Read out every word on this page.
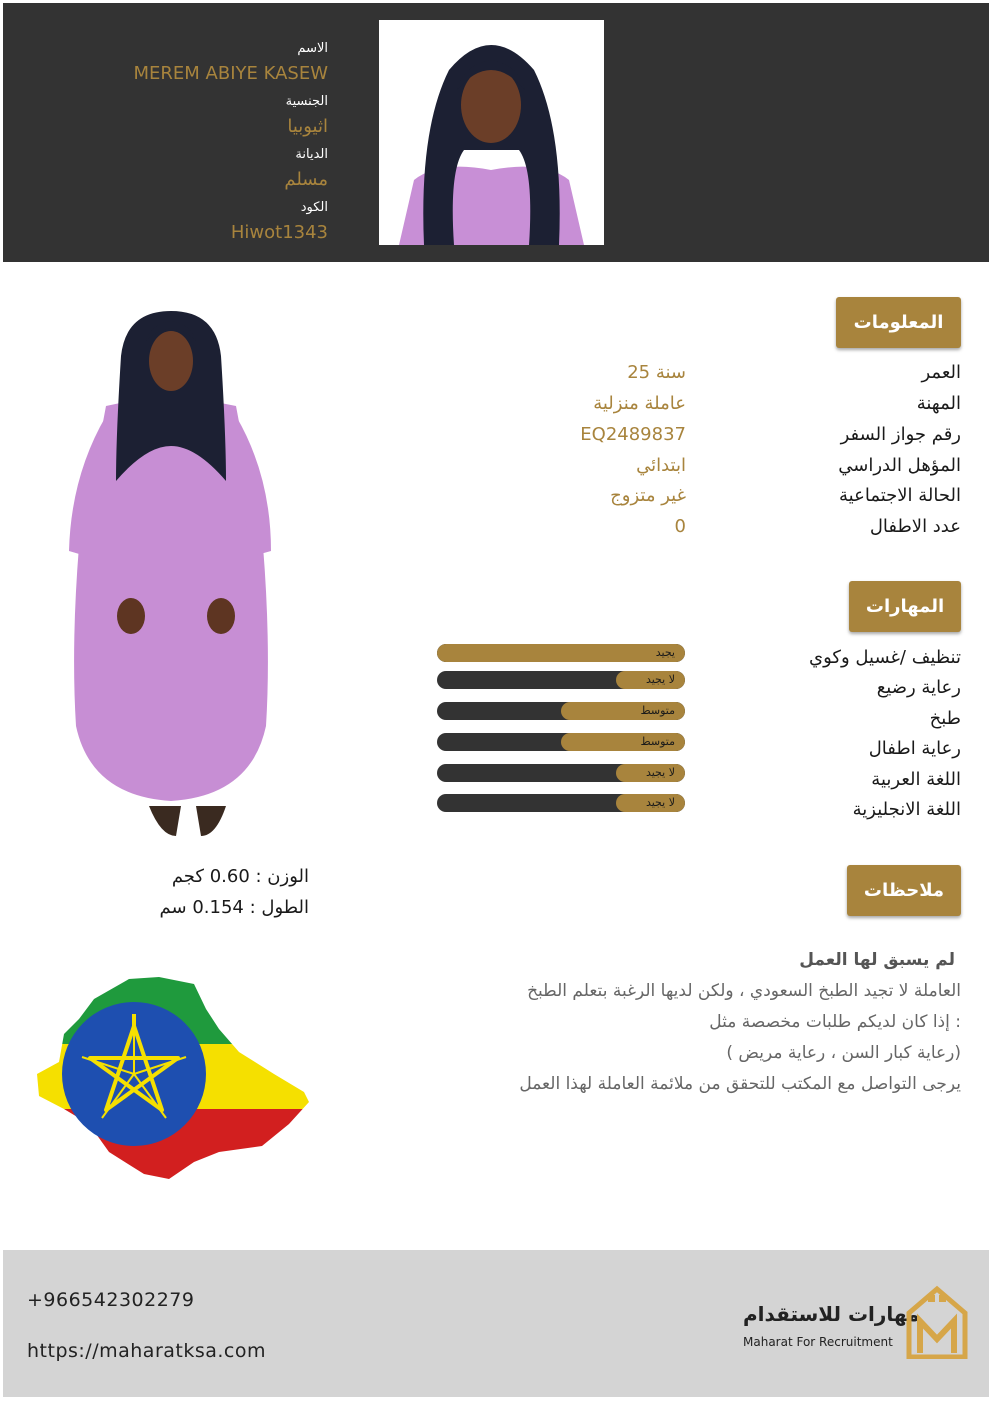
الاسم
MEREM ABIYE KASEW
الجنسية
اثيوبيا
الديانة
مسلم
الكود
Hiwot1343
المعلومات
العمر
25 سنة
المهنة
عاملة منزلية
رقم جواز السفر
EQ2489837
المؤهل الدراسي
ابتدائي
الحالة الاجتماعية
غير متزوج
عدد الاطفال
0
المهارات
تنظيف /غسيل وكوي
يجيد
رعاية رضيع
لا يجيد
طبخ
متوسط
رعاية اطفال
متوسط
اللغة العربية
لا يجيد
اللغة الانجليزية
لا يجيد
ملاحظات
لم يسبق لها العمل
العاملة لا تجيد الطبخ السعودي ، ولكن لديها الرغبة بتعلم الطبخ
إذا كان لديكم طلبات مخصصة مثل :
( رعاية كبار السن ، رعاية مريض)
يرجى التواصل مع المكتب للتحقق من ملائمة العاملة لهذا العمل
الوزن : 0.60 كجم
الطول : 0.154 سم
+966542302279
https://maharatksa.com
مهارات للاستقدام
Maharat For Recruitment
